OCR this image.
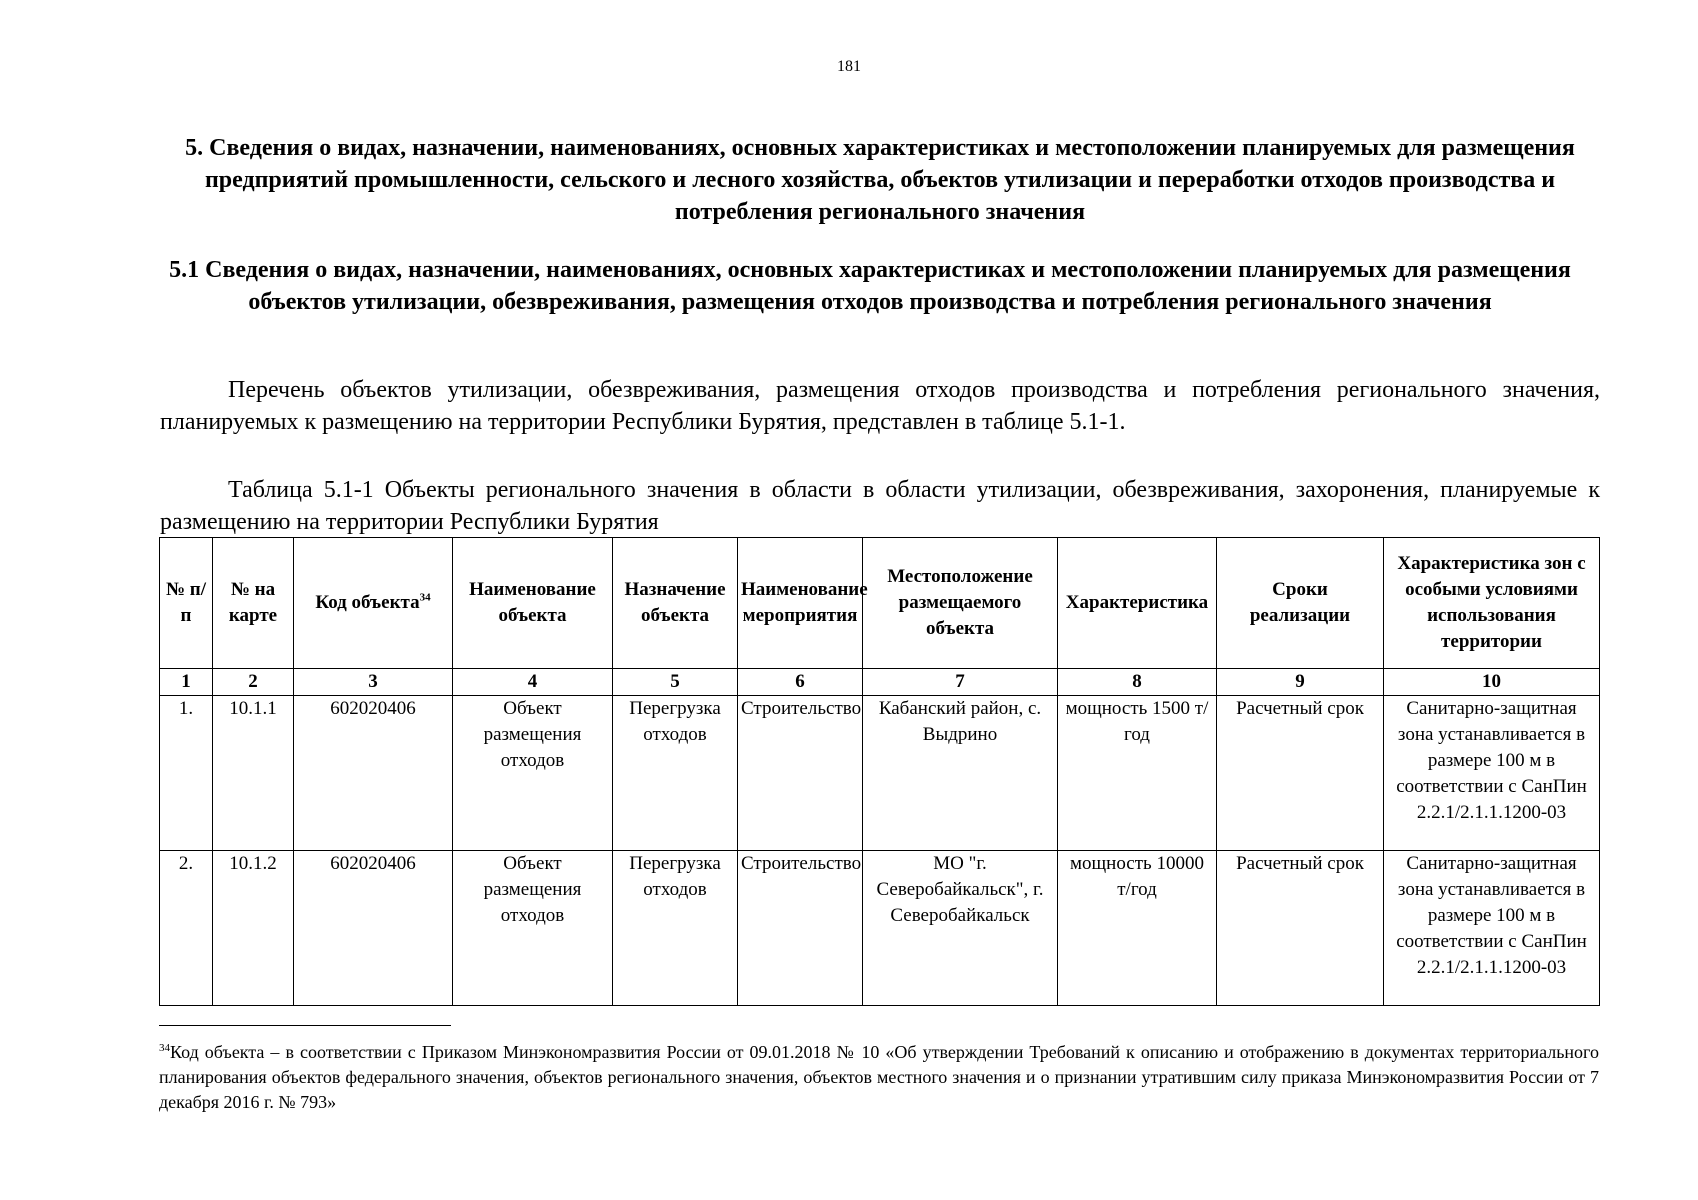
181
5. Сведения о видах, назначении, наименованиях, основных характеристиках и местоположении планируемых для размещения предприятий промышленности, сельского и лесного хозяйства, объектов утилизации и переработки отходов производства и потребления регионального значения
5.1 Сведения о видах, назначении, наименованиях, основных характеристиках и местоположении планируемых для размещения объектов утилизации, обезвреживания, размещения отходов производства и потребления регионального значения
Перечень объектов утилизации, обезвреживания, размещения отходов производства и потребления регионального значения, планируемых к размещению на территории Республики Бурятия, представлен в таблице 5.1-1.
Таблица 5.1-1 Объекты регионального значения в области в области утилизации, обезвреживания, захоронения, планируемые к размещению на территории Республики Бурятия
№ п/п	№ на карте	Код объекта$^{34}$	Наименование объекта	Назначение объекта	Наименование мероприятия	Местоположение размещаемого объекта	Характеристика	Сроки реализации	Характеристика зон с особыми условиями использования территории
1	2	3	4	5	6	7	8	9	10
1.	10.1.1	602020406	Объект размещения отходов	Перегрузка отходов	Строительство	Кабанский район, с. Выдрино	мощность 1500 т/год	Расчетный срок	Санитарно-защитная зона устанавливается в размере 100 м в соответствии с СанПин 2.2.1/2.1.1.1200-03
2.	10.1.2	602020406	Объект размещения отходов	Перегрузка отходов	Строительство	МО "г. Северобайкальск", г. Северобайкальск	мощность 10000 т/год	Расчетный срок	Санитарно-защитная зона устанавливается в размере 100 м в соответствии с СанПин 2.2.1/2.1.1.1200-03
$^{34}$Код объекта – в соответствии с Приказом Минэкономразвития России от 09.01.2018 № 10 «Об утверждении Требований к описанию и отображению в документах территориального планирования объектов федерального значения, объектов регионального значения, объектов местного значения и о признании утратившим силу приказа Минэкономразвития России от 7 декабря 2016 г. № 793»
